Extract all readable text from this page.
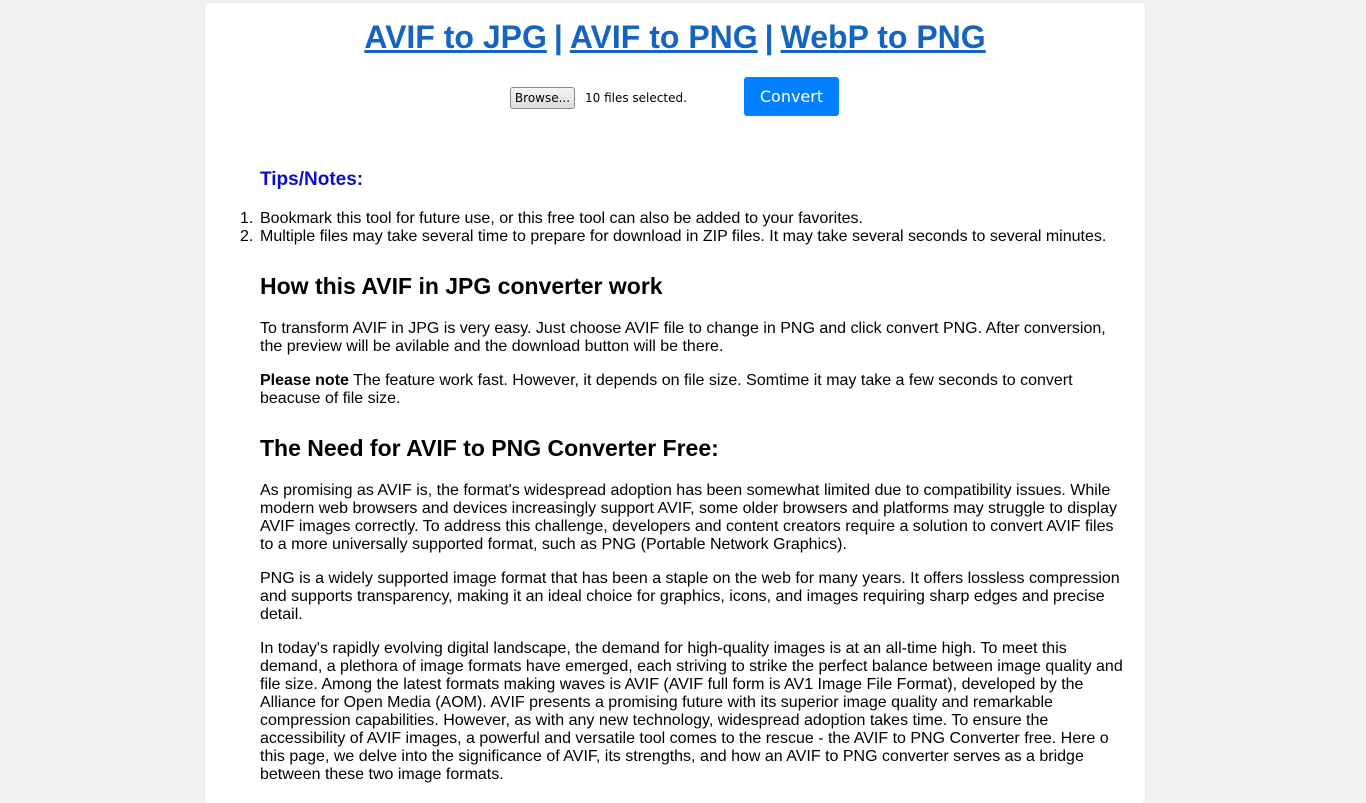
AVIF to JPG | AVIF to PNG | WebP to PNG
Browse...	10 files selected.	Convert
Tips/Notes:
1. Bookmark this tool for future use, or this free tool can also be added to your favorites.
2. Multiple files may take several time to prepare for download in ZIP files. It may take several seconds to several minutes.
How this AVIF in JPG converter work

To transform AVIF in JPG is very easy. Just choose AVIF file to change in PNG and click convert PNG. After conversion, the preview will be avilable and the download button will be there.

Please note The feature work fast. However, it depends on file size. Somtime it may take a few seconds to convert beacuse of file size.

The Need for AVIF to PNG Converter Free:

As promising as AVIF is, the format's widespread adoption has been somewhat limited due to compatibility issues. While modern web browsers and devices increasingly support AVIF, some older browsers and platforms may struggle to display AVIF images correctly. To address this challenge, developers and content creators require a solution to convert AVIF files to a more universally supported format, such as PNG (Portable Network Graphics).

PNG is a widely supported image format that has been a staple on the web for many years. It offers lossless compression and supports transparency, making it an ideal choice for graphics, icons, and images requiring sharp edges and precise detail.

In today's rapidly evolving digital landscape, the demand for high-quality images is at an all-time high. To meet this demand, a plethora of image formats have emerged, each striving to strike the perfect balance between image quality and file size. Among the latest formats making waves is AVIF (AVIF full form is AV1 Image File Format), developed by the Alliance for Open Media (AOM). AVIF presents a promising future with its superior image quality and remarkable compression capabilities. However, as with any new technology, widespread adoption takes time. To ensure the accessibility of AVIF images, a powerful and versatile tool comes to the rescue - the AVIF to PNG Converter free. Here o this page, we delve into the significance of AVIF, its strengths, and how an AVIF to PNG converter serves as a bridge between these two image formats.
